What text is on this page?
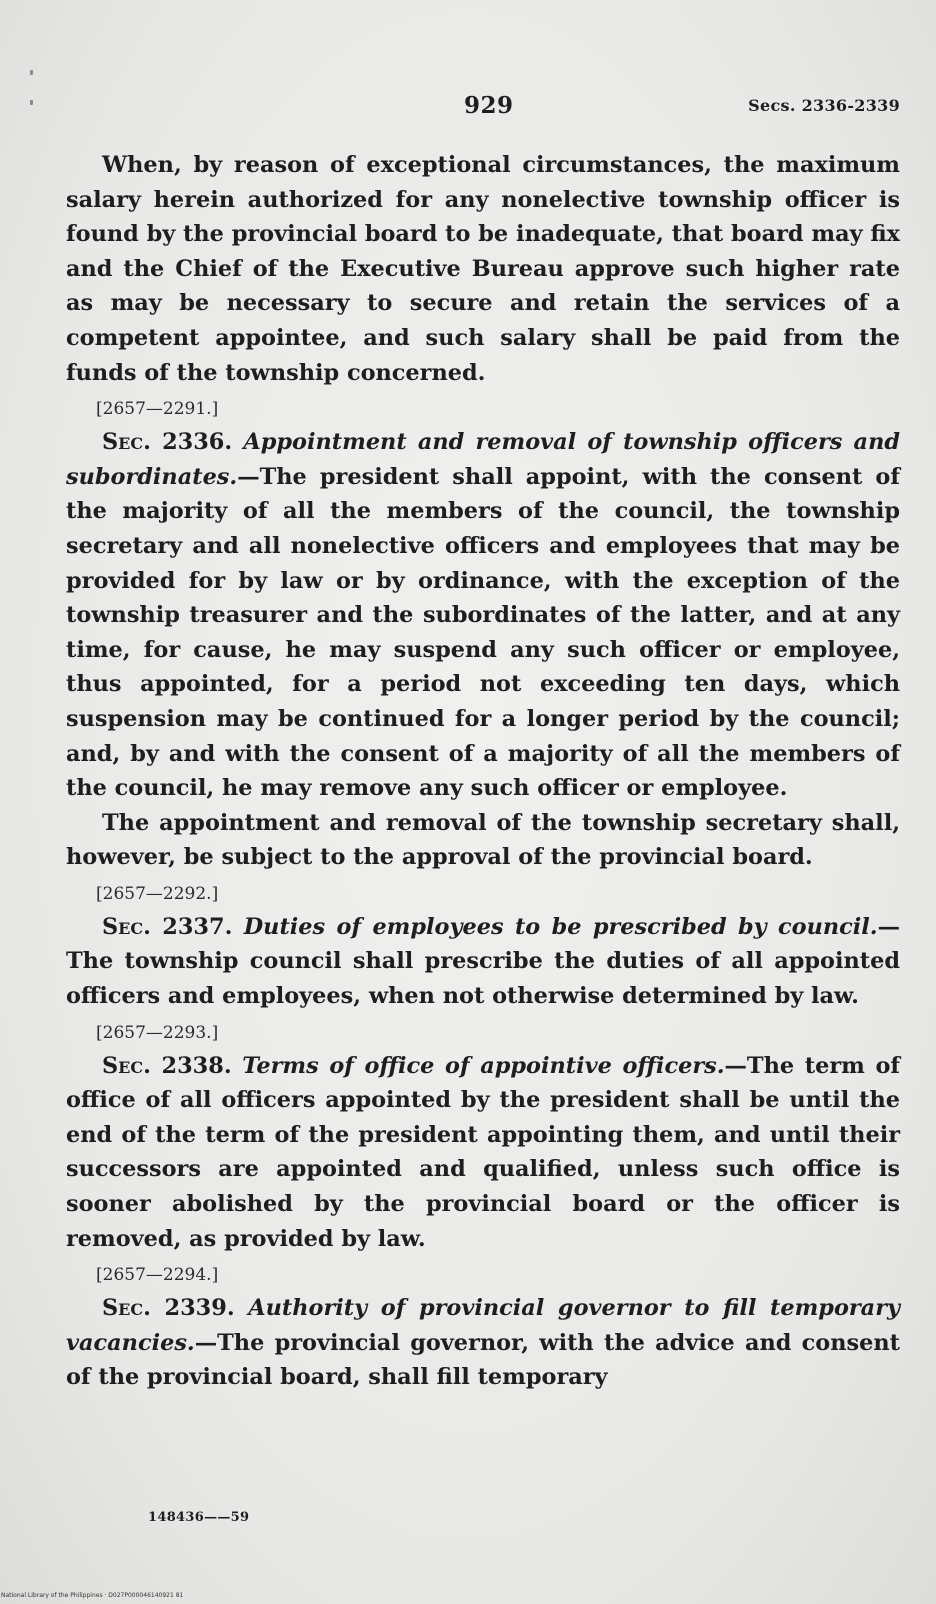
929	Secs. 2336-2339

When, by reason of exceptional circumstances, the maximum salary herein authorized for any nonelective township officer is found by the provincial board to be inadequate, that board may fix and the Chief of the Executive Bureau approve such higher rate as may be necessary to secure and retain the services of a competent appointee, and such salary shall be paid from the funds of the township concerned.

[2657—2291.]

Sec. 2336. Appointment and removal of township officers and subordinates.—The president shall appoint, with the consent of the majority of all the members of the council, the township secretary and all nonelective officers and employees that may be provided for by law or by ordinance, with the exception of the township treasurer and the subordinates of the latter, and at any time, for cause, he may suspend any such officer or employee, thus appointed, for a period not exceeding ten days, which suspension may be continued for a longer period by the council; and, by and with the consent of a majority of all the members of the council, he may remove any such officer or employee.

The appointment and removal of the township secretary shall, however, be subject to the approval of the provincial board.

[2657—2292.]

Sec. 2337. Duties of employees to be prescribed by council.—The township council shall prescribe the duties of all appointed officers and employees, when not otherwise determined by law.

[2657—2293.]

Sec. 2338. Terms of office of appointive officers.—The term of office of all officers appointed by the president shall be until the end of the term of the president appointing them, and until their successors are appointed and qualified, unless such office is sooner abolished by the provincial board or the officer is removed, as provided by law.

[2657—2294.]

Sec. 2339. Authority of provincial governor to fill temporary vacancies.—The provincial governor, with the advice and consent of the provincial board, shall fill temporary

148436——59
National Library of the Philippines · D027P000046140921 81
